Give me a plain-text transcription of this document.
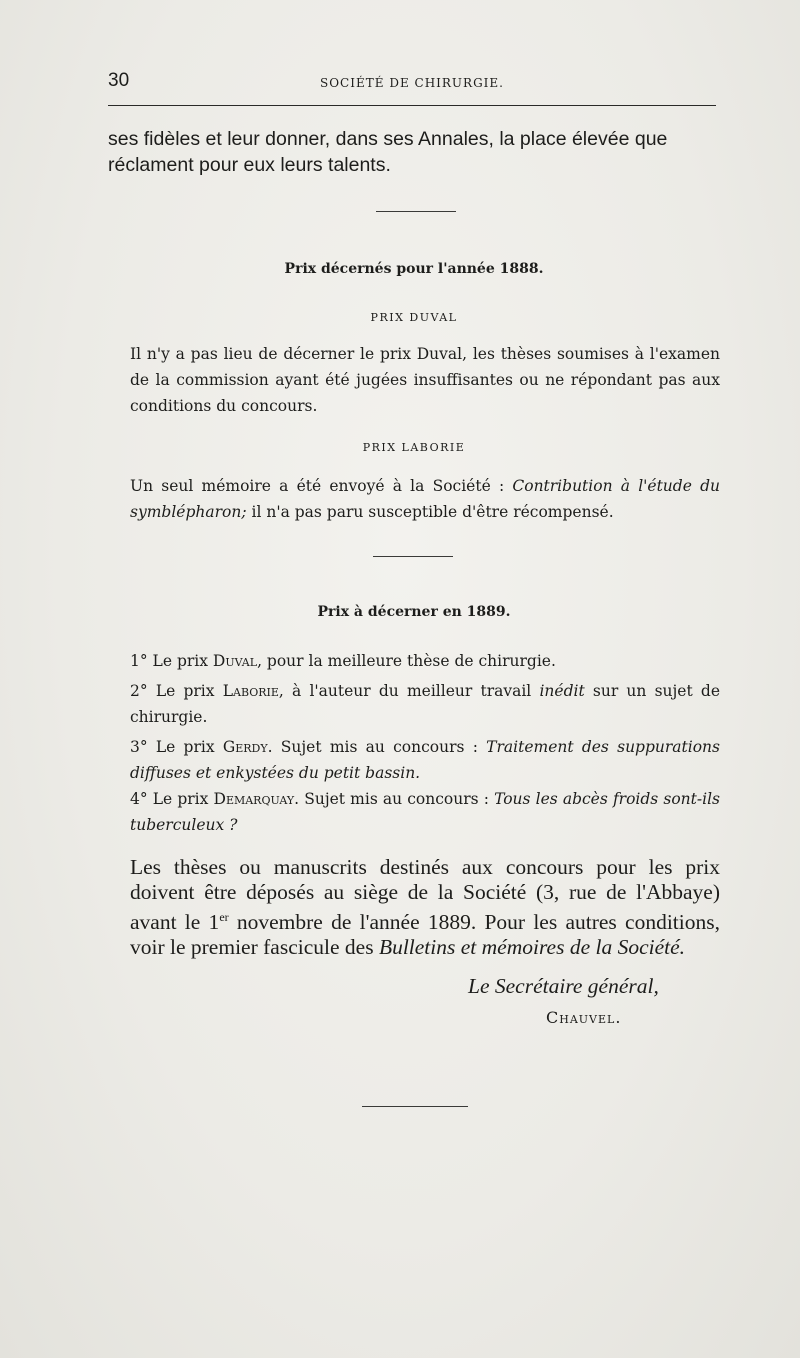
30	SOCIÉTÉ DE CHIRURGIE.
ses fidèles et leur donner, dans ses Annales, la place élevée que
réclament pour eux leurs talents.
Prix décernés pour l'année 1888.
PRIX DUVAL
Il n'y a pas lieu de décerner le prix Duval, les thèses soumises à l'examen de la commission ayant été jugées insuffisantes ou ne répondant pas aux conditions du concours.
PRIX LABORIE
Un seul mémoire a été envoyé à la Société : Contribution à l'étude du symblépharon; il n'a pas paru susceptible d'être récompensé.
Prix à décerner en 1889.
1° Le prix Duval, pour la meilleure thèse de chirurgie.
2° Le prix Laborie, à l'auteur du meilleur travail inédit sur un sujet de chirurgie.
3° Le prix Gerdy. Sujet mis au concours : Traitement des suppurations diffuses et enkystées du petit bassin.
4° Le prix Demarquay. Sujet mis au concours : Tous les abcès froids sont-ils tuberculeux ?
Les thèses ou manuscrits destinés aux concours pour les prix doivent être déposés au siège de la Société (3, rue de l'Abbaye) avant le 1er novembre de l'année 1889. Pour les autres conditions, voir le premier fascicule des Bulletins et mémoires de la Société.
Le Secrétaire général,
Chauvel.
